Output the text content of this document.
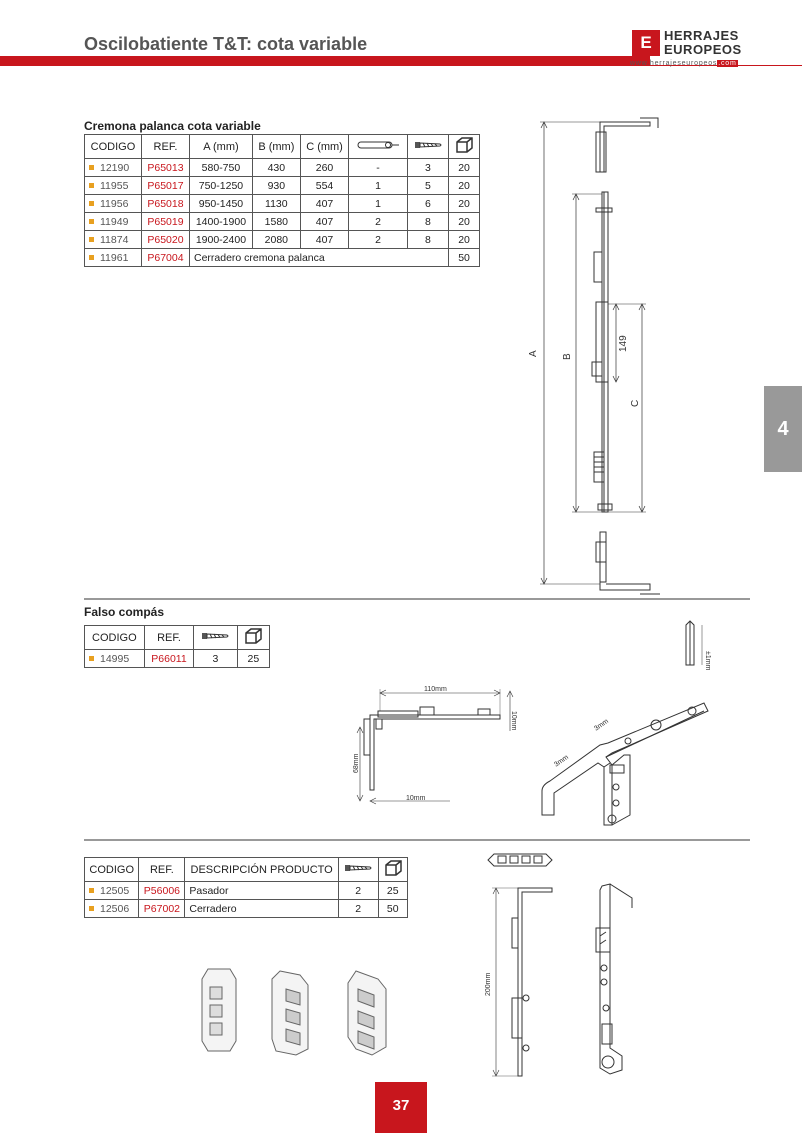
Oscilobatiente T&T: cota variable	E HERRAJES
EUROPEOS
www.herrajeseuropeos.com
Cremona palanca cota variable
CODIGO	REF.	A (mm)	B (mm)	C (mm)			
12190	P65013	580-750	430	260	-	3	20
11955	P65017	750-1250	930	554	1	5	20
11956	P65018	950-1450	1130	407	1	6	20
11949	P65019	1400-1900	1580	407	2	8	20
11874	P65020	1900-2400	2080	407	2	8	20
11961	P67004	Cerradero cremona palanca					50
A B
149
C
Falso compás
CODIGO	REF.		
14995	P66011	3	25
110mm
10mm
68mm
10mm
3mm
3mm
±1mm
CODIGO	REF.	DESCRIPCIÓN PRODUCTO		
12505	P56006	Pasador	2	25
12506	P67002	Cerradero	2	50
200mm
4
37
